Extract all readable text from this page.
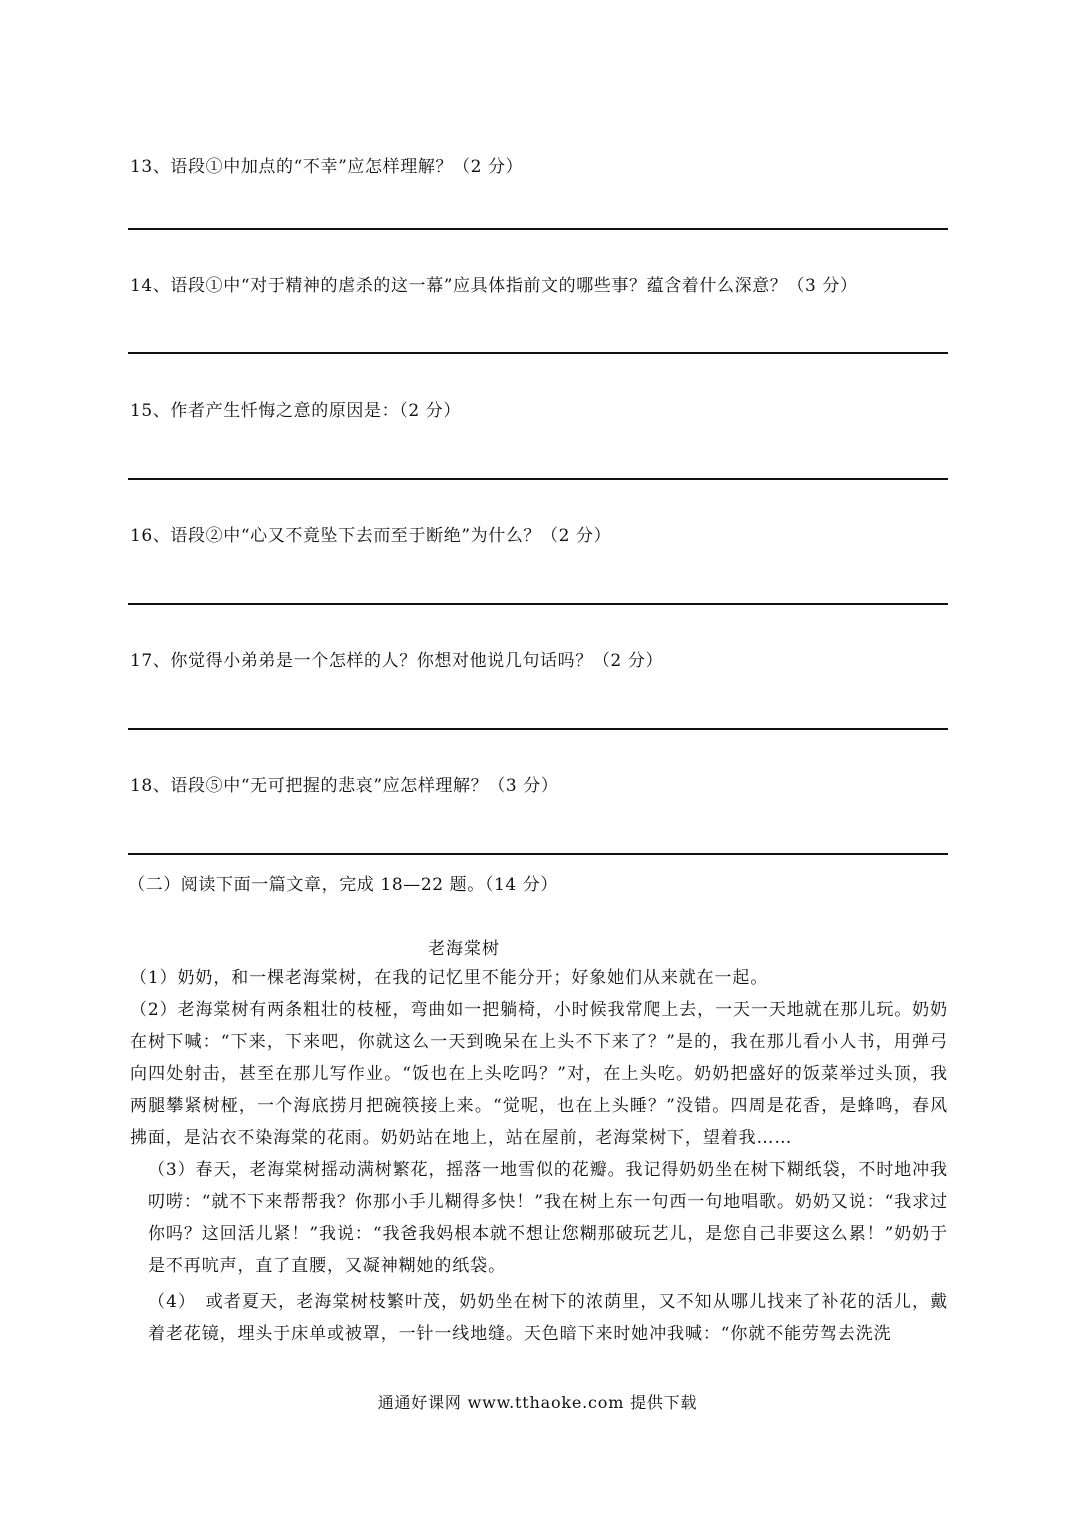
13、语段①中加点的“不幸”应怎样理解？（2 分）
14、语段①中“对于精神的虐杀的这一幕”应具体指前文的哪些事？蕴含着什么深意？（3 分）
15、作者产生忏悔之意的原因是：（2 分）
16、语段②中“心又不竟坠下去而至于断绝”为什么？（2 分）
17、你觉得小弟弟是一个怎样的人？你想对他说几句话吗？（2 分）
18、语段⑤中“无可把握的悲哀”应怎样理解？（3 分）
（二）阅读下面一篇文章，完成 18—22 题。（14 分）
老海棠树
（1）奶奶，和一棵老海棠树，在我的记忆里不能分开；好象她们从来就在一起。
（2）老海棠树有两条粗壮的枝桠，弯曲如一把躺椅，小时候我常爬上去，一天一天地就在那儿玩。奶奶在树下喊：“下来，下来吧，你就这么一天到晚呆在上头不下来了？”是的，我在那儿看小人书，用弹弓向四处射击，甚至在那儿写作业。“饭也在上头吃吗？”对，在上头吃。奶奶把盛好的饭菜举过头顶，我两腿攀紧树桠，一个海底捞月把碗筷接上来。“觉呢，也在上头睡？”没错。四周是花香，是蜂鸣，春风拂面，是沾衣不染海棠的花雨。奶奶站在地上，站在屋前，老海棠树下，望着我……
（3）春天，老海棠树摇动满树繁花，摇落一地雪似的花瓣。我记得奶奶坐在树下糊纸袋，不时地冲我叨唠：“就不下来帮帮我？你那小手儿糊得多快！”我在树上东一句西一句地唱歌。奶奶又说：“我求过你吗？这回活儿紧！”我说：“我爸我妈根本就不想让您糊那破玩艺儿，是您自己非要这么累！”奶奶于是不再吭声，直了直腰，又凝神糊她的纸袋。
（4）　或者夏天，老海棠树枝繁叶茂，奶奶坐在树下的浓荫里，又不知从哪儿找来了补花的活儿，戴着老花镜，埋头于床单或被罩，一针一线地缝。天色暗下来时她冲我喊：“你就不能劳驾去洗洗
通通好课网 www.tthaoke.com 提供下载
